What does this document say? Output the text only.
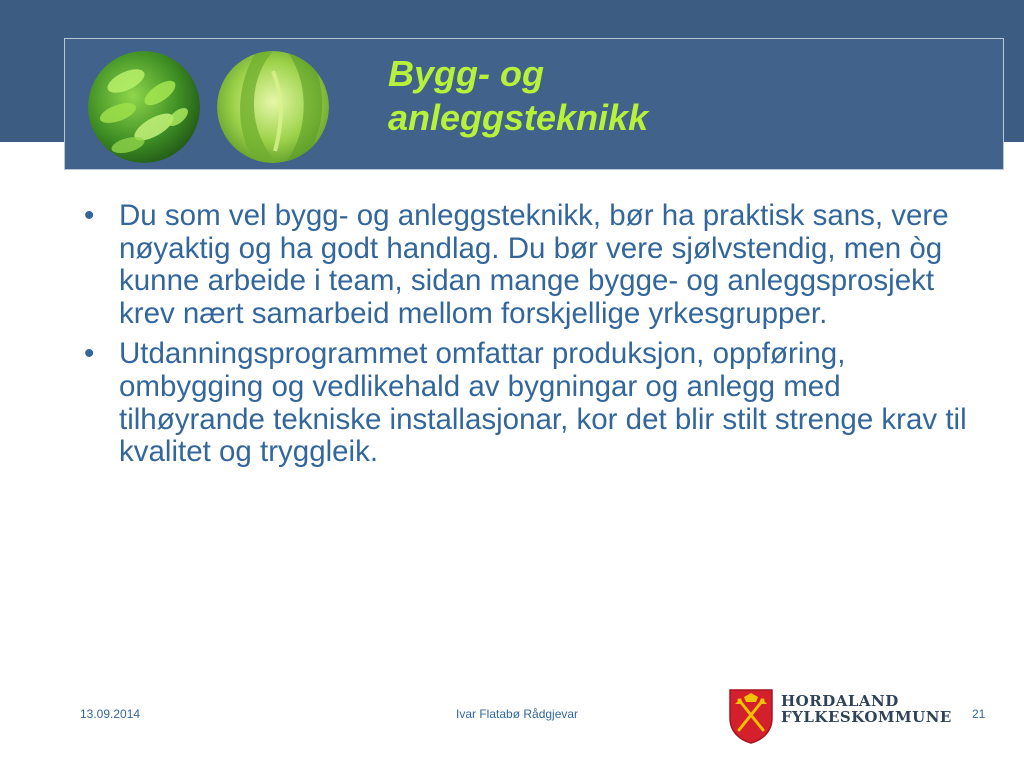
Bygg- og
anleggsteknikk
• Du som vel bygg- og anleggsteknikk, bør ha praktisk sans, vere nøyaktig og ha godt handlag. Du bør vere sjølvstendig, men òg kunne arbeide i team, sidan mange bygge- og anleggsprosjekt krev nært samarbeid mellom forskjellige yrkesgrupper.
• Utdanningsprogrammet omfattar produksjon, oppføring, ombygging og vedlikehald av bygningar og anlegg med tilhøyrande tekniske installasjonar, kor det blir stilt strenge krav til kvalitet og tryggleik.
13.09.2014	Ivar Flatabø Rådgjevar	21
HORDALAND
FYLKESKOMMUNE
